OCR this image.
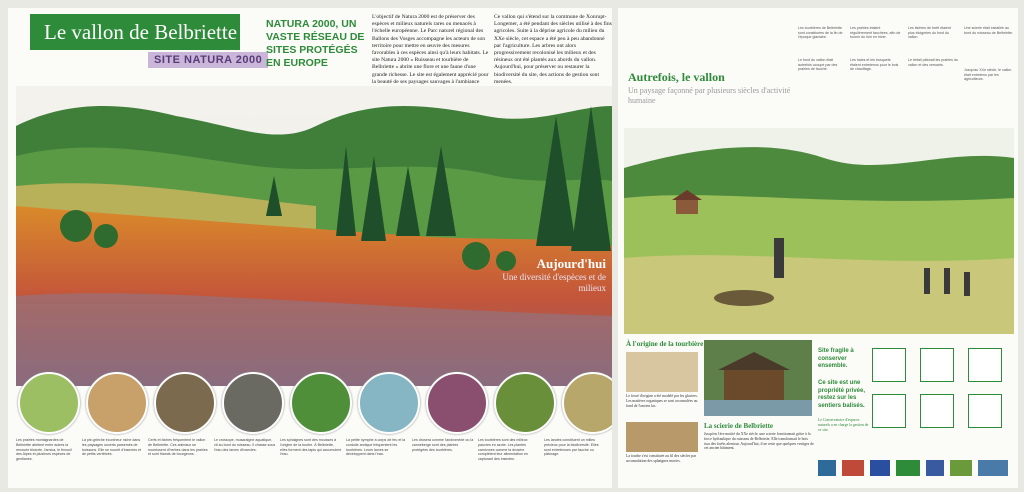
Le vallon de Belbriette
SITE NATURA 2000
NATURA 2000, UN VASTE RÉSEAU DE SITES PROTÉGÉS EN EUROPE
L'objectif de Natura 2000 est de préserver des espèces et milieux naturels rares ou menacés à l'échelle européenne. Le Parc naturel régional des Ballons des Vosges accompagne les acteurs de son territoire pour mettre en œuvre des mesures favorables à ces espèces ainsi qu'à leurs habitats. Le site Natura 2000 « Ruisseau et tourbière de Belbriette » abrite une flore et une faune d'une grande richesse. Le site est également apprécié pour la beauté de ses paysages sauvages à l'ambiance
Ce vallon qui s'étend sur la commune de Xonrupt-Longemer, a été pendant des siècles utilisé à des fins agricoles. Suite à la déprise agricole du milieu du XXe siècle, cet espace a été peu à peu abandonné par l'agriculture. Les arbres ont alors progressivement recolonisé les milieux et des résineux ont été plantés aux abords du vallon. Aujourd'hui, pour préserver ou restaurer la biodiversité du site, des actions de gestion sont menées.
Aujourd'hui
Une diversité d'espèces et de milieux
Les prairies montagnardes de Belbriette abritent entre autres la renouée bistorte, l'arnica, le fenouil des Alpes et plusieurs espèces de gentianes.
La pie-grièche écorcheur niche dans les paysages ouverts parsemés de buissons. Elle se nourrit d'insectes et de petits vertébrés.
Cerfs et biches fréquentent le vallon de Belbriette. Ces animaux se nourrissent d'herbes dans les prairies et sont friands de bourgeons.
Le crossope, musaraigne aquatique, vit au bord du ruisseau. Il chasse sous l'eau des larves d'insectes.
Les sphaignes sont des mousses à l'origine de la tourbe. À Belbriette, elles forment des tapis qui accumulent l'eau.
La petite nymphe à corps de feu et la cordulie arctique fréquentent les tourbières. Leurs larves se développent dans l'eau.
Les drosera comme l'andromède ou la canneberge sont des plantes protégées des tourbières.
Les tourbières sont des milieux pauvres en azote. Les plantes carnivores comme la drosère complètent leur alimentation en capturant des insectes.
Les landes constituent un milieu précieux pour la biodiversité. Elles sont entretenues par fauche ou pâturage.
Les tourbières de Belbriette sont constituées de la fin de l'époque glaciaire.
Le fond du vallon était autrefois occupé par des prairies de fauche.
Les prairies étaient régulièrement fauchées, afin de fournir du foin en hiver.
Les haies et les bosquets étaient entretenus pour le bois de chauffage.
Les lisières de forêt étaient plus éloignées du fond du vallon.
Le bétail pâturait les prairies du vallon et des versants.
Une scierie était installée au bord du ruisseau de Belbriette.
Jusqu'au XXe siècle, le vallon était entretenu par les agriculteurs.
Autrefois, le vallon
Un paysage façonné par plusieurs siècles d'activité humaine
À l'origine de la tourbière
Le fossé d'origine a été modelé par les glaciers. Les matières organiques se sont accumulées au fond de l'ancien lac.
La tourbe s'est constituée au fil des siècles par accumulation des sphaignes mortes.
La scierie de Belbriette
Jusqu'en 1ère moitié du XXe siècle, une scierie fonctionnait grâce à la force hydraulique du ruisseau de Belbriette. Elle transformait le bois issu des forêts alentour. Aujourd'hui, il ne reste que quelques vestiges de cet ancien bâtiment.
Site fragile à conserver ensemble.
Ce site est une propriété privée, restez sur les sentiers balisés.
Le Conservatoire d'espaces naturels a en charge la gestion de ce site.
